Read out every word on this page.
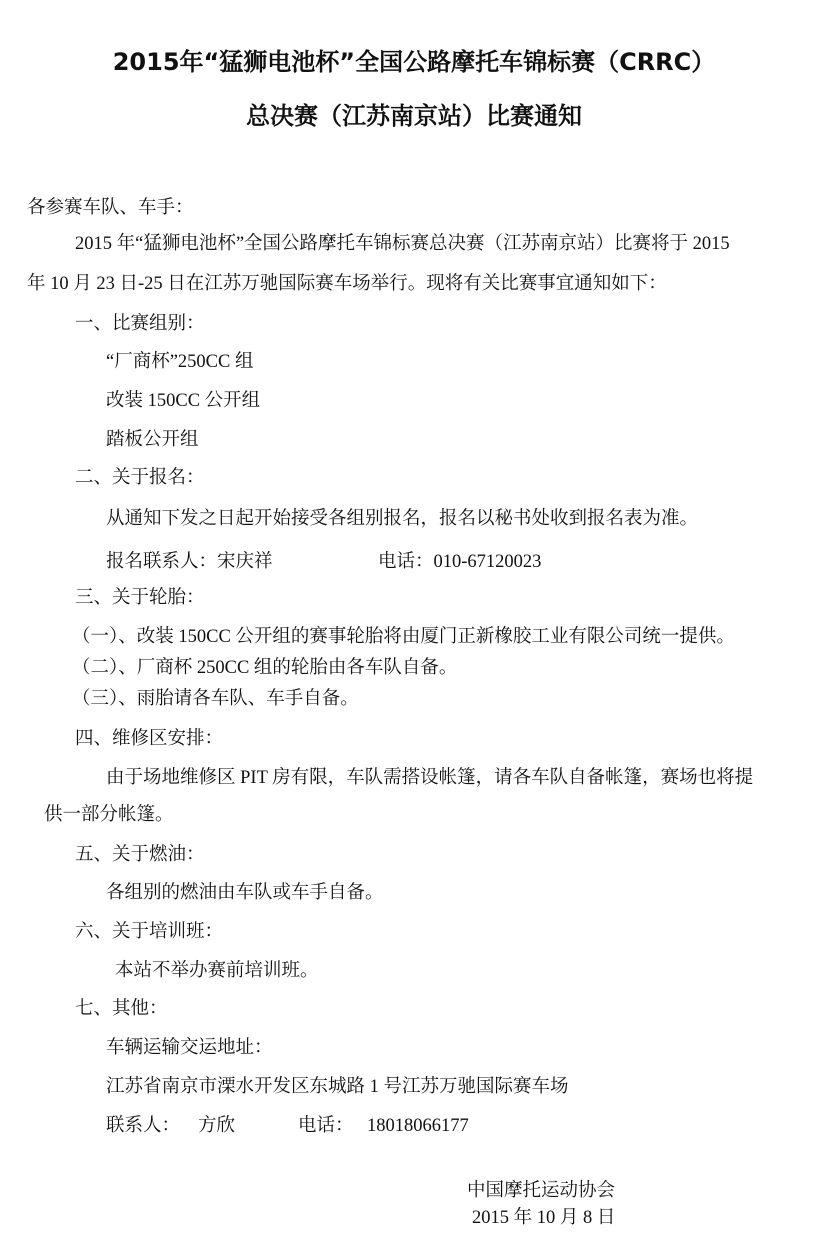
2015年“猛狮电池杯”全国公路摩托车锦标赛（CRRC）
总决赛（江苏南京站）比赛通知
各参赛车队、车手：
2015 年“猛狮电池杯”全国公路摩托车锦标赛总决赛（江苏南京站）比赛将于 2015
年 10 月 23 日-25 日在江苏万驰国际赛车场举行。现将有关比赛事宜通知如下：
一、比赛组别：
“厂商杯”250CC 组
改装 150CC 公开组
踏板公开组
二、关于报名：
从通知下发之日起开始接受各组别报名，报名以秘书处收到报名表为准。
报名联系人：宋庆祥	电话：010-67120023
三、关于轮胎：
（一）、改装 150CC 公开组的赛事轮胎将由厦门正新橡胶工业有限公司统一提供。
（二）、厂商杯 250CC 组的轮胎由各车队自备。
（三）、雨胎请各车队、车手自备。
四、维修区安排：
由于场地维修区 PIT 房有限，车队需搭设帐篷，请各车队自备帐篷，赛场也将提
供一部分帐篷。
五、关于燃油：
各组别的燃油由车队或车手自备。
六、关于培训班：
本站不举办赛前培训班。
七、其他：
车辆运输交运地址：
江苏省南京市溧水开发区东城路 1 号江苏万驰国际赛车场
联系人： 方欣	电话： 18018066177
中国摩托运动协会
2015 年 10 月 8 日
